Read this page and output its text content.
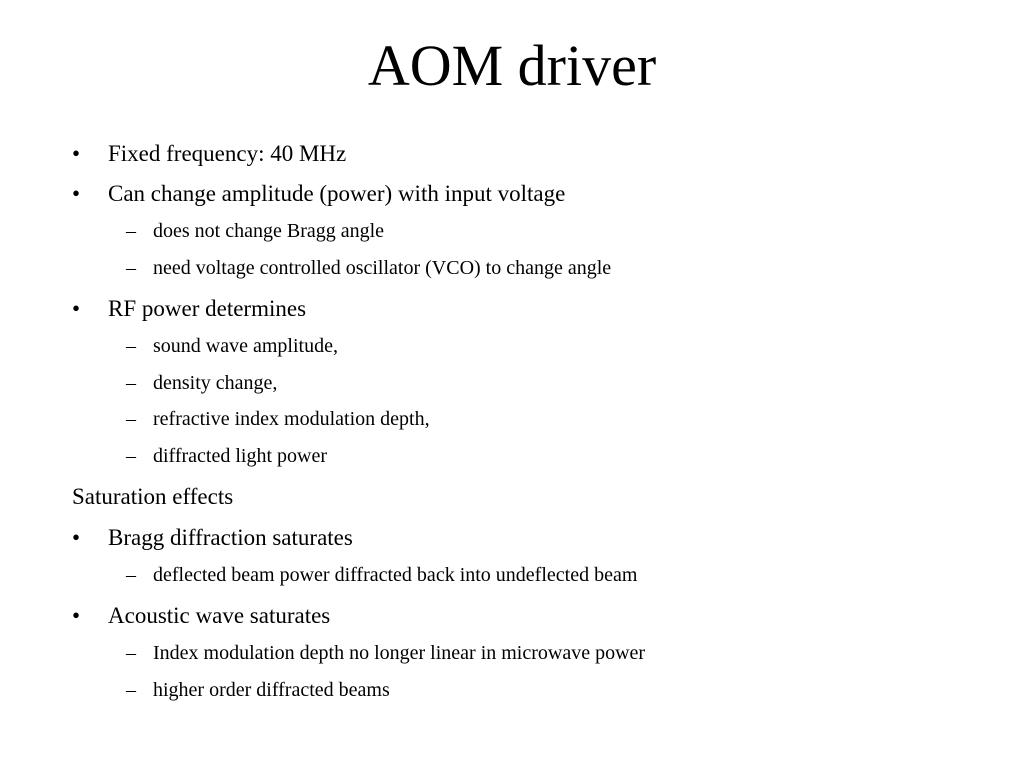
AOM driver
• Fixed frequency: 40 MHz
• Can change amplitude (power) with input voltage
– does not change Bragg angle
– need voltage controlled oscillator (VCO) to change angle
• RF power determines
– sound wave amplitude,
– density change,
– refractive index modulation depth,
– diffracted light power
Saturation effects
• Bragg diffraction saturates
– deflected beam power diffracted back into undeflected beam
• Acoustic wave saturates
– Index modulation depth no longer linear in microwave power
– higher order diffracted beams
